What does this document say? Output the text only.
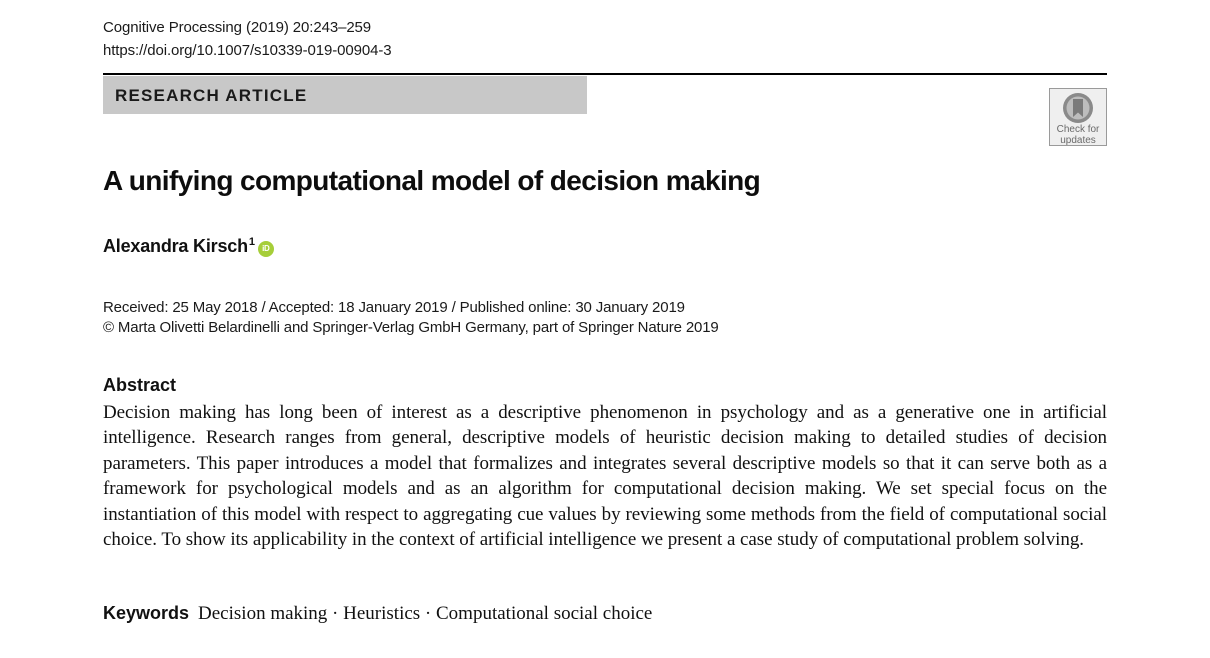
Cognitive Processing (2019) 20:243–259
https://doi.org/10.1007/s10339-019-00904-3
RESEARCH ARTICLE
Check for
updates
A unifying computational model of decision making
Alexandra Kirsch$^1$iD
Received: 25 May 2018 / Accepted: 18 January 2019 / Published online: 30 January 2019
© Marta Olivetti Belardinelli and Springer-Verlag GmbH Germany, part of Springer Nature 2019
Abstract
Decision making has long been of interest as a descriptive phenomenon in psychology and as a generative one in artificial intelligence. Research ranges from general, descriptive models of heuristic decision making to detailed studies of decision parameters. This paper introduces a model that formalizes and integrates several descriptive models so that it can serve both as a framework for psychological models and as an algorithm for computational decision making. We set special focus on the instantiation of this model with respect to aggregating cue values by reviewing some methods from the field of computational social choice. To show its applicability in the context of artificial intelligence we present a case study of computational problem solving.
Keywords Decision making · Heuristics · Computational social choice
